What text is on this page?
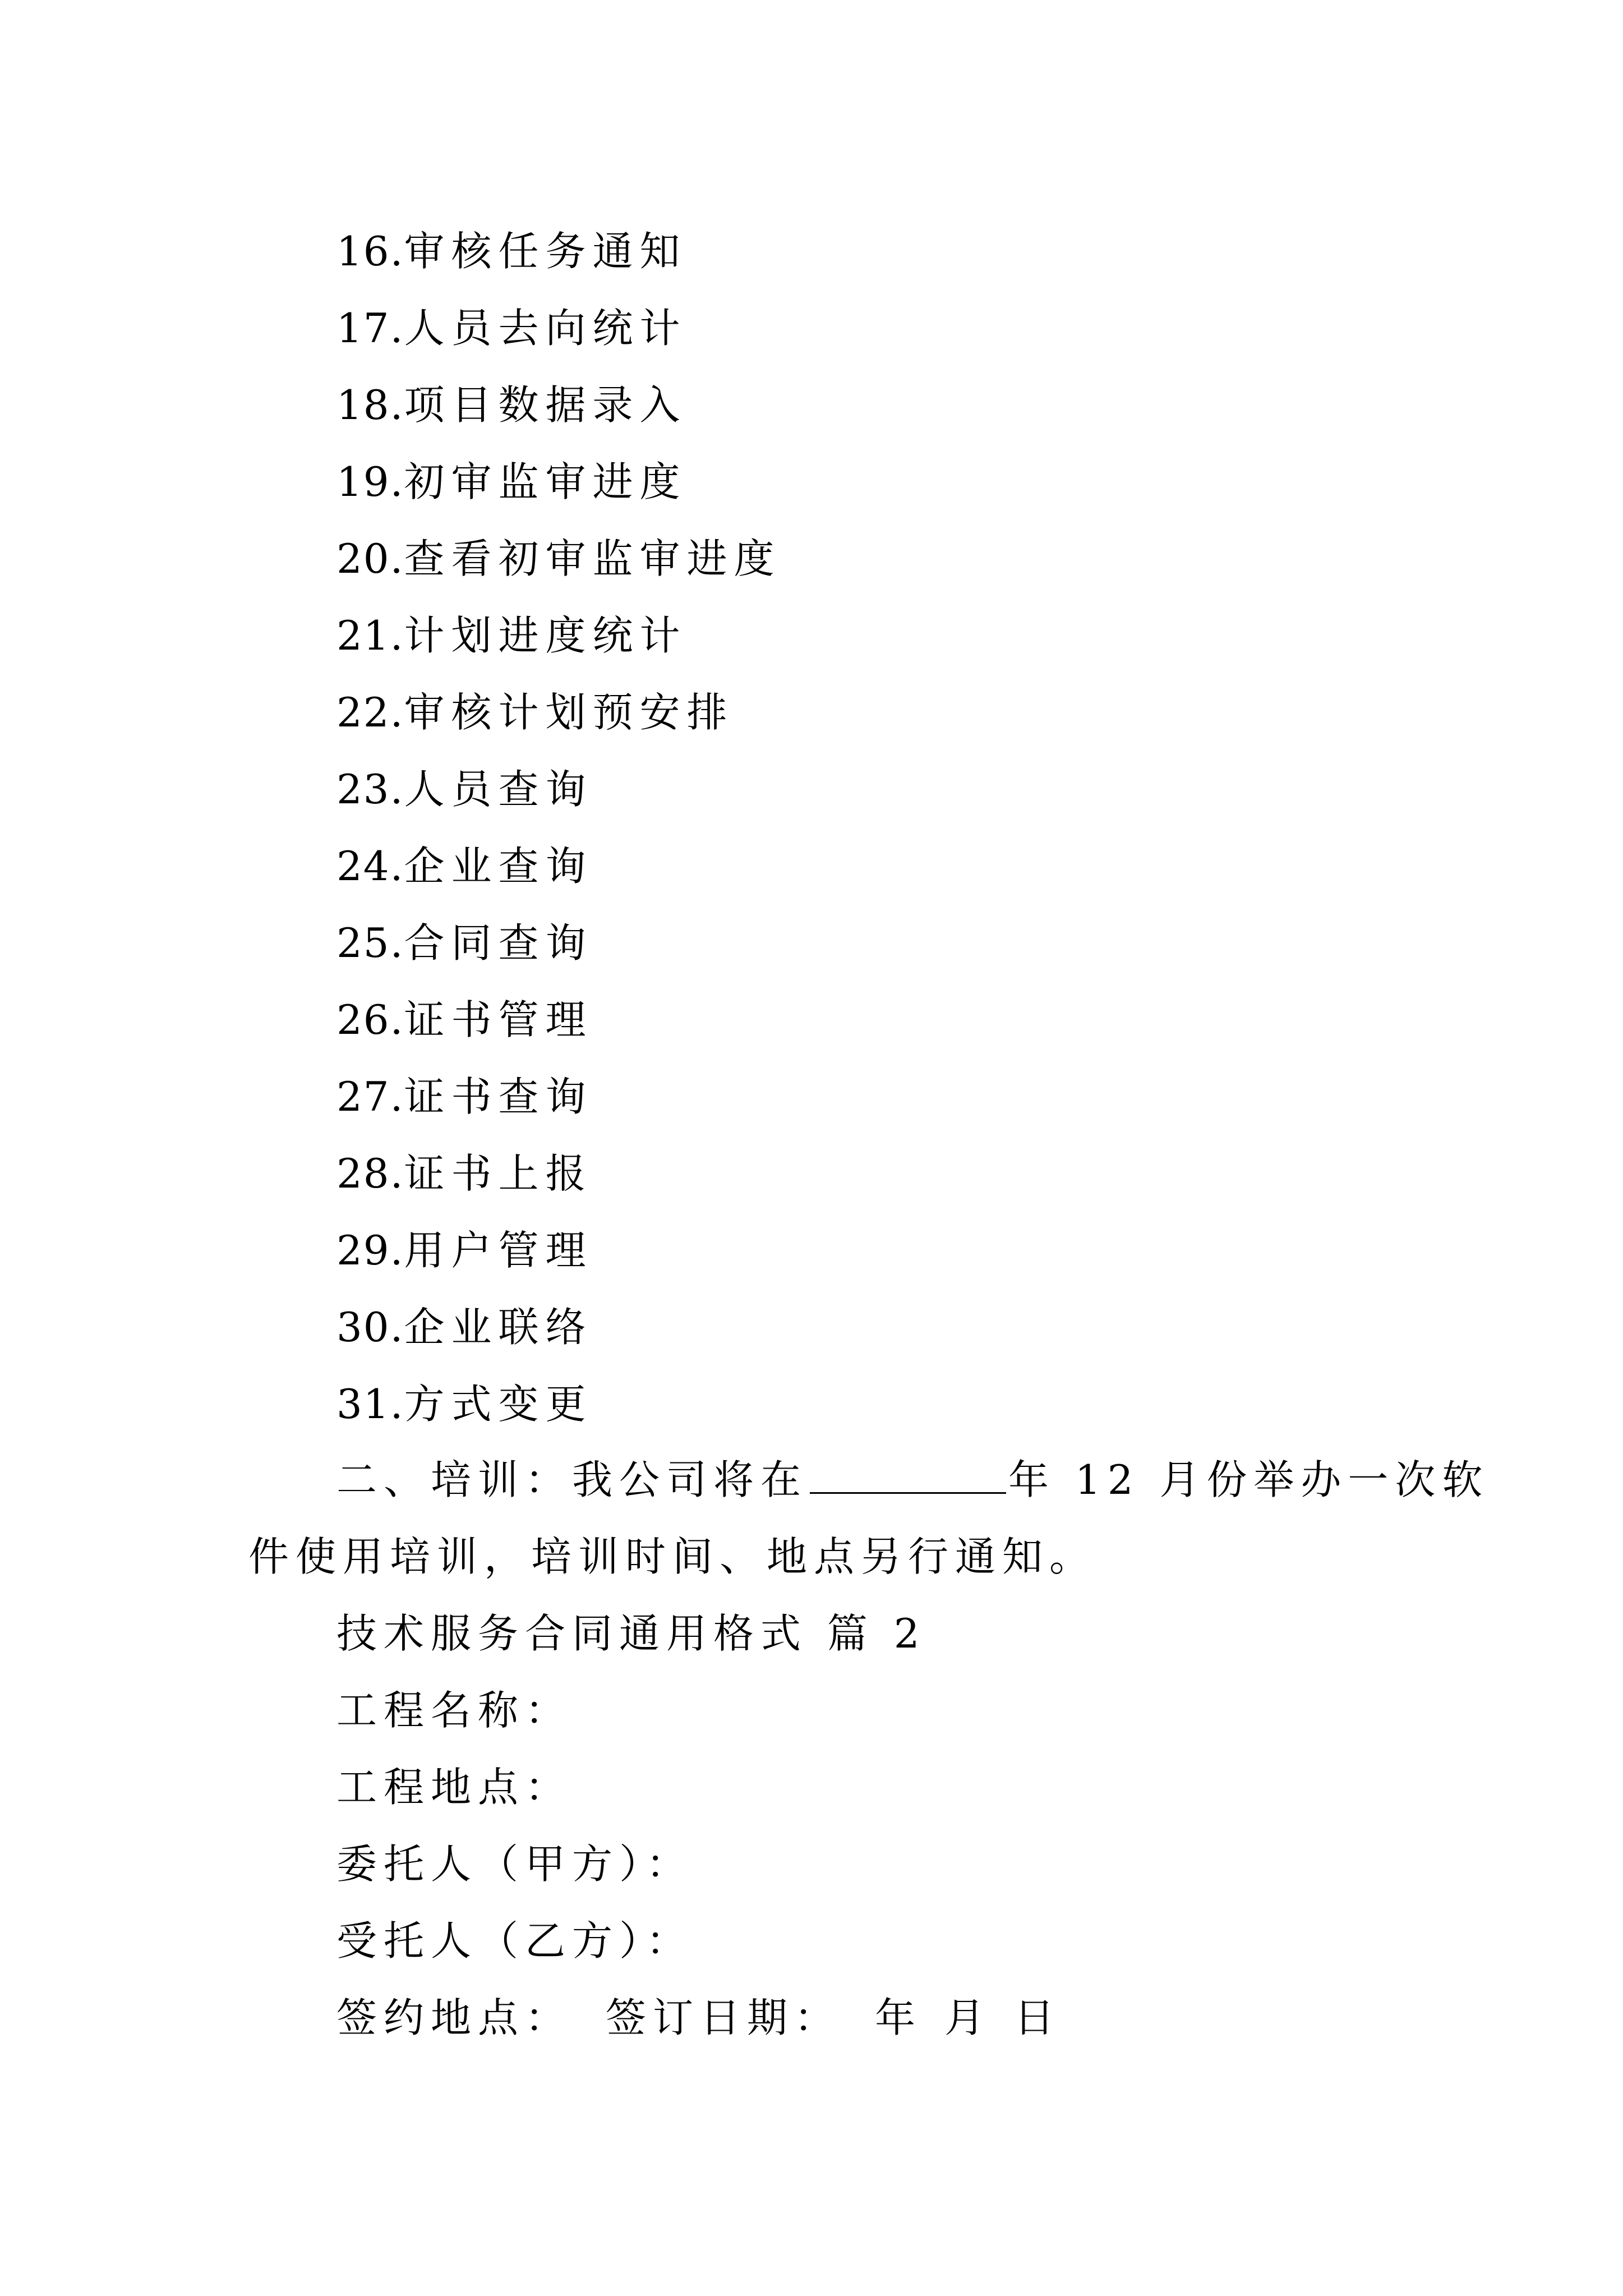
16.审核任务通知
17.人员去向统计
18.项目数据录入
19.初审监审进度
20.查看初审监审进度
21.计划进度统计
22.审核计划预安排
23.人员查询
24.企业查询
25.合同查询
26.证书管理
27.证书查询
28.证书上报
29.用户管理
30.企业联络
31.方式变更

二、培训：我公司将在	年 12 月份举办一次软
件使用培训，培训时间、地点另行通知。

技术服务合同通用格式 篇 2
工程名称：
工程地点：
委托人（甲方）：
受托人（乙方）：
签约地点： 签订日期： 年 月 日
